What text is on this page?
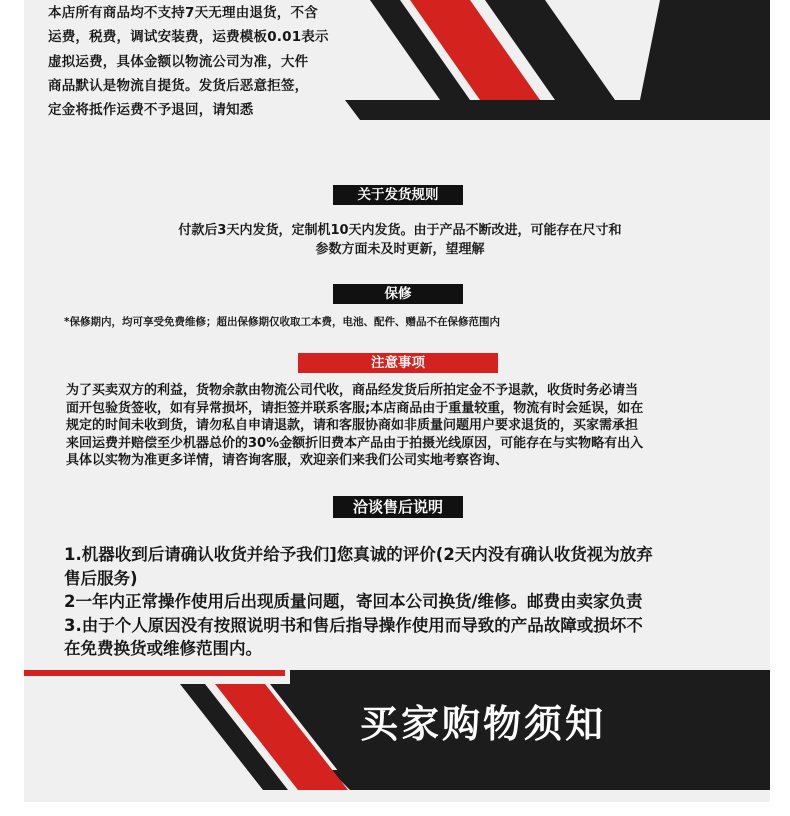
本店所有商品均不支持7天无理由退货，不含
运费，税费，调试安装费，运费模板0.01表示
虚拟运费，具体金额以物流公司为准，大件
商品默认是物流自提货。发货后恶意拒签，
定金将抵作运费不予退回，请知悉

关于发货规则

付款后3天内发货，定制机10天内发货。由于产品不断改进，可能存在尺寸和
参数方面未及时更新，望理解

保修

*保修期内，均可享受免费维修；超出保修期仅收取工本费，电池、配件、赠品不在保修范围内

注意事项

为了买卖双方的利益，货物余款由物流公司代收，商品经发货后所拍定金不予退款，收货时务必请当
面开包验货签收，如有异常损坏，请拒签并联系客服;本店商品由于重量较重，物流有时会延误，如在
规定的时间未收到货，请勿私自申请退款，请和客服协商如非质量问题用户要求退货的，买家需承担
来回运费并赔偿至少机器总价的30%金额折旧费本产品由于拍摄光线原因，可能存在与实物略有出入
具体以实物为准更多详情，请咨询客服，欢迎亲们来我们公司实地考察咨询、

洽谈售后说明
1.机器收到后请确认收货并给予我们]您真诚的评价(2天内没有确认收货视为放弃
售后服务)
2一年内正常操作使用后出现质量问题，寄回本公司换货/维修。邮费由卖家负责
3.由于个人原因没有按照说明书和售后指导操作使用而导致的产品故障或损坏不
在免费换货或维修范围内。
买家购物须知
